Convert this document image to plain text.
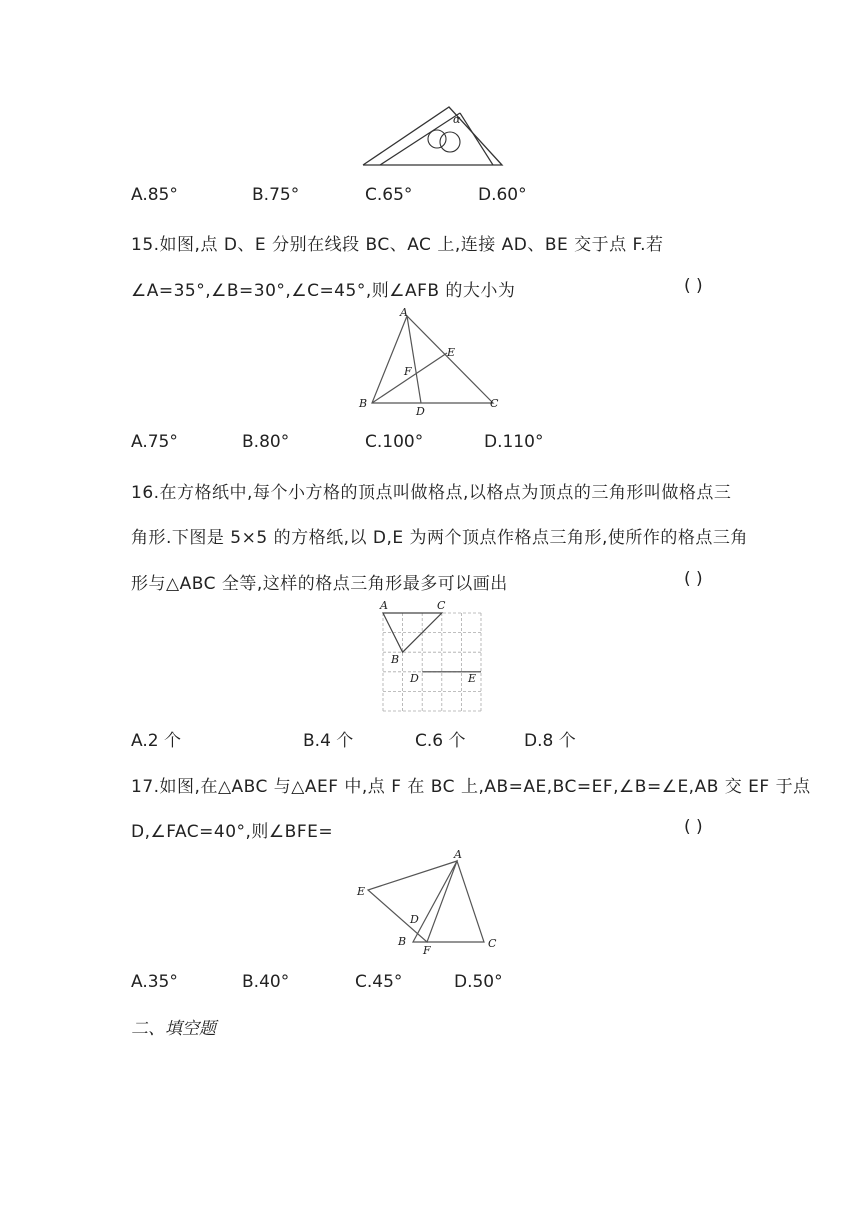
α
A.85°	B.75°	C.65°	D.60°
15.如图,点 D、E 分别在线段 BC、AC 上,连接 AD、BE 交于点 F.若
∠A=35°,∠B=30°,∠C=45°,则∠AFB 的大小为	( )
A
B	C
D
E
F
A.75°	B.80°	C.100°	D.110°
16.在方格纸中,每个小方格的顶点叫做格点,以格点为顶点的三角形叫做格点三
角形.下图是 5×5 的方格纸,以 D,E 为两个顶点作格点三角形,使所作的格点三角
形与△ABC 全等,这样的格点三角形最多可以画出	( )
A	C
B
D	E
A.2 个	B.4 个	C.6 个	D.8 个
17.如图,在△ABC 与△AEF 中,点 F 在 BC 上,AB=AE,BC=EF,∠B=∠E,AB 交 EF 于点
D,∠FAC=40°,则∠BFE=	( )
A
E
D
B
F
C
A.35°	B.40°	C.45°	D.50°
二、填空题
